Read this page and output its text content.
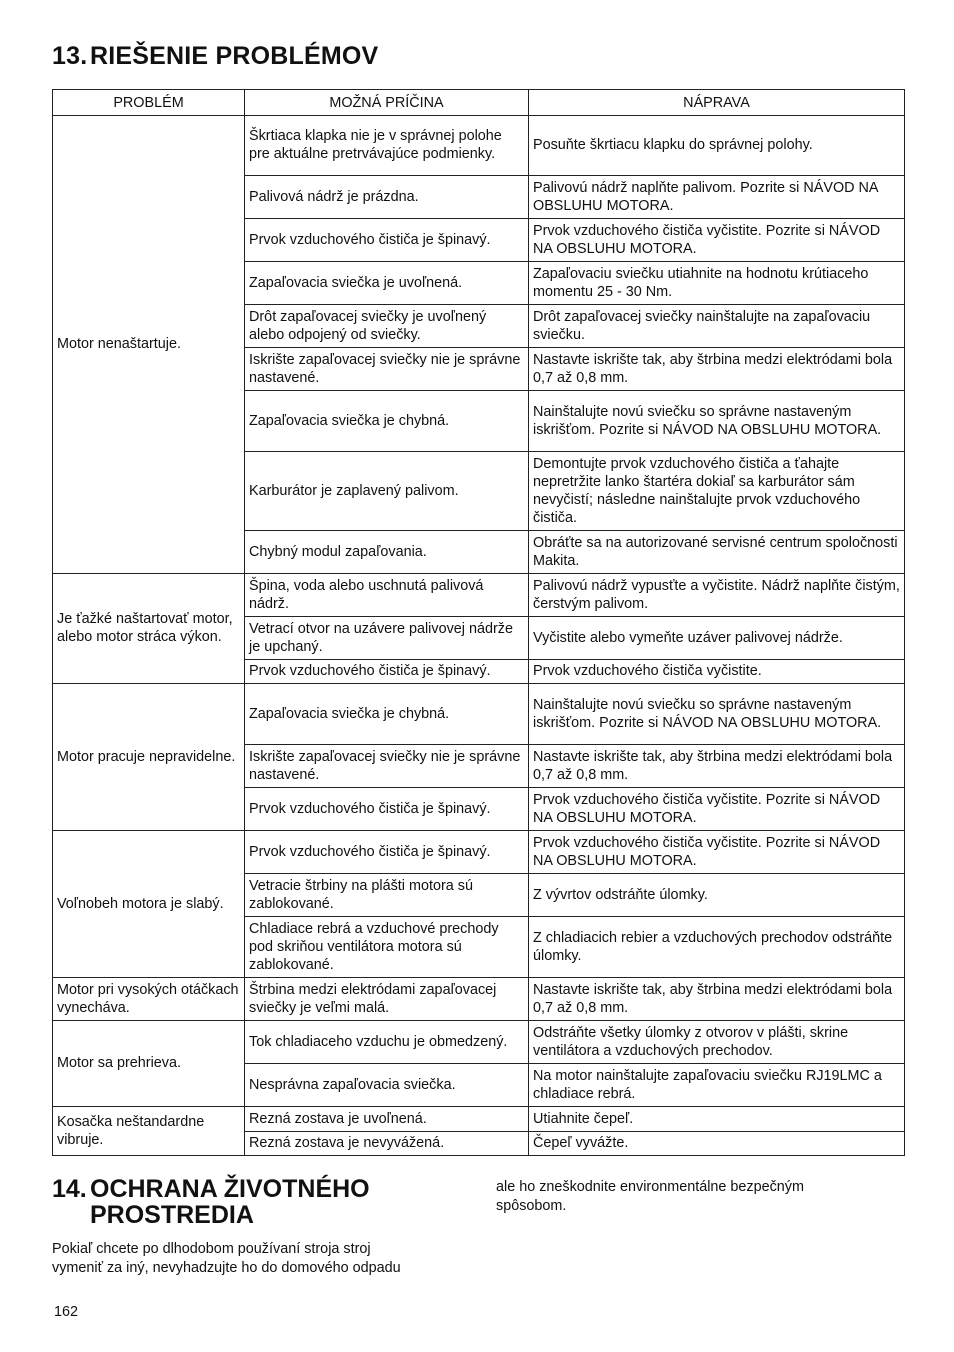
13. RIEŠENIE PROBLÉMOV
PROBLÉM	MOŽNÁ PRÍČINA	NÁPRAVA
Motor nenaštartuje.	Škrtiaca klapka nie je v správnej polohe pre aktuálne pretrvávajúce podmienky.	Posuňte škrtiacu klapku do správnej polohy.
	Palivová nádrž je prázdna.	Palivovú nádrž naplňte palivom. Pozrite si NÁVOD NA OBSLUHU MOTORA.
	Prvok vzduchového čističa je špinavý.	Prvok vzduchového čističa vyčistite. Pozrite si NÁVOD NA OBSLUHU MOTORA.
	Zapaľovacia sviečka je uvoľnená.	Zapaľovaciu sviečku utiahnite na hodnotu krútiaceho momentu 25 - 30 Nm.
	Drôt zapaľovacej sviečky je uvoľnený alebo odpojený od sviečky.	Drôt zapaľovacej sviečky nainštalujte na zapaľovaciu sviečku.
	Iskrište zapaľovacej sviečky nie je správne nastavené.	Nastavte iskrište tak, aby štrbina medzi elektródami bola 0,7 až 0,8 mm.
	Zapaľovacia sviečka je chybná.	Nainštalujte novú sviečku so správne nastaveným iskrišťom. Pozrite si NÁVOD NA OBSLUHU MOTORA.
	Karburátor je zaplavený palivom.	Demontujte prvok vzduchového čističa a ťahajte nepretržite lanko štartéra dokiaľ sa karburátor sám nevyčistí; následne nainštalujte prvok vzduchového čističa.
	Chybný modul zapaľovania.	Obráťte sa na autorizované servisné centrum spoločnosti Makita.
Je ťažké naštartovať motor, alebo motor stráca výkon.	Špina, voda alebo uschnutá palivová nádrž.	Palivovú nádrž vypusťte a vyčistite. Nádrž naplňte čistým, čerstvým palivom.
	Vetrací otvor na uzávere palivovej nádrže je upchaný.	Vyčistite alebo vymeňte uzáver palivovej nádrže.
	Prvok vzduchového čističa je špinavý.	Prvok vzduchového čističa vyčistite.
Motor pracuje nepravidelne.	Zapaľovacia sviečka je chybná.	Nainštalujte novú sviečku so správne nastaveným iskrišťom. Pozrite si NÁVOD NA OBSLUHU MOTORA.
	Iskrište zapaľovacej sviečky nie je správne nastavené.	Nastavte iskrište tak, aby štrbina medzi elektródami bola 0,7 až 0,8 mm.
	Prvok vzduchového čističa je špinavý.	Prvok vzduchového čističa vyčistite. Pozrite si NÁVOD NA OBSLUHU MOTORA.
Voľnobeh motora je slabý.	Prvok vzduchového čističa je špinavý.	Prvok vzduchového čističa vyčistite. Pozrite si NÁVOD NA OBSLUHU MOTORA.
	Vetracie štrbiny na plášti motora sú zablokované.	Z vývrtov odstráňte úlomky.
	Chladiace rebrá a vzduchové prechody pod skriňou ventilátora motora sú zablokované.	Z chladiacich rebier a vzduchových prechodov odstráňte úlomky.
Motor pri vysokých otáčkach vynecháva.	Štrbina medzi elektródami zapaľovacej sviečky je veľmi malá.	Nastavte iskrište tak, aby štrbina medzi elektródami bola 0,7 až 0,8 mm.
Motor sa prehrieva.	Tok chladiaceho vzduchu je obmedzený.	Odstráňte všetky úlomky z otvorov v plášti, skrine ventilátora a vzduchových prechodov.
	Nesprávna zapaľovacia sviečka.	Na motor nainštalujte zapaľovaciu sviečku RJ19LMC a chladiace rebrá.
Kosačka neštandardne vibruje.	Rezná zostava je uvoľnená.	Utiahnite čepeľ.
	Rezná zostava je nevyvážená.	Čepeľ vyvážte.
14. OCHRANA ŽIVOTNÉHO
PROSTREDIA

Pokiaľ chcete po dlhodobom používaní stroja stroj
vymeniť za iný, nevyhadzujte ho do domového odpadu

ale ho zneškodnite environmentálne bezpečným
spôsobom.

162
